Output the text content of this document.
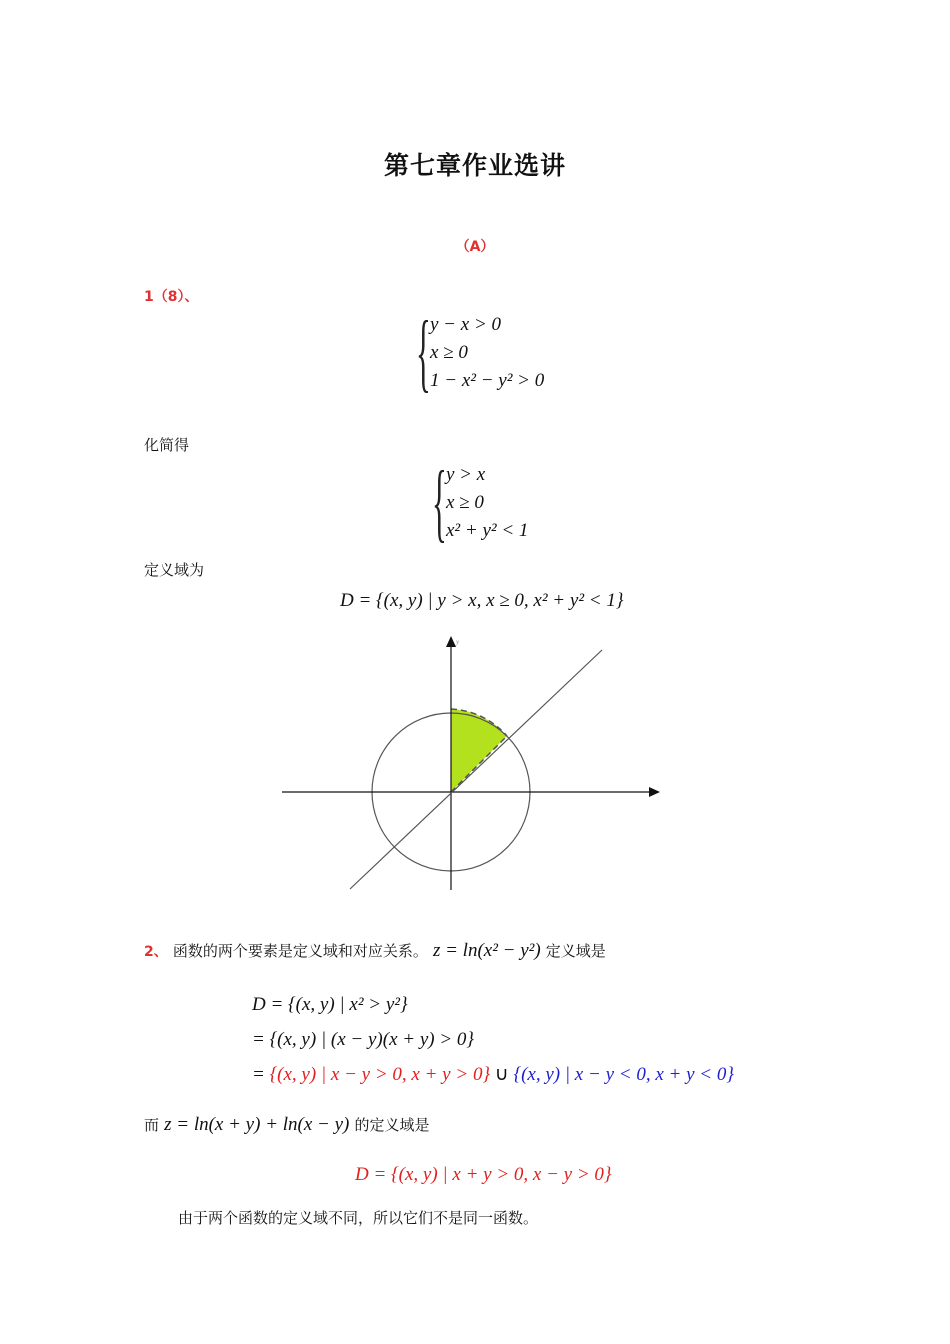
第七章作业选讲
（A）
1（8）、
{ y − x > 0
x ≥ 0
1 − x² − y² > 0
化简得
{ y > x
x ≥ 0
x² + y² < 1
定义域为
D = {(x, y) | y > x, x ≥ 0, x² + y² < 1}
y
2、 函数的两个要素是定义域和对应关系。 z = ln(x² − y²) 定义域是
D = {(x, y) | x² > y²}
= {(x, y) | (x − y)(x + y) > 0}
= {(x, y) | x − y > 0, x + y > 0} ∪ {(x, y) | x − y < 0, x + y < 0}
而 z = ln(x + y) + ln(x − y) 的定义域是
D = {(x, y) | x + y > 0, x − y > 0}
由于两个函数的定义域不同，所以它们不是同一函数。
